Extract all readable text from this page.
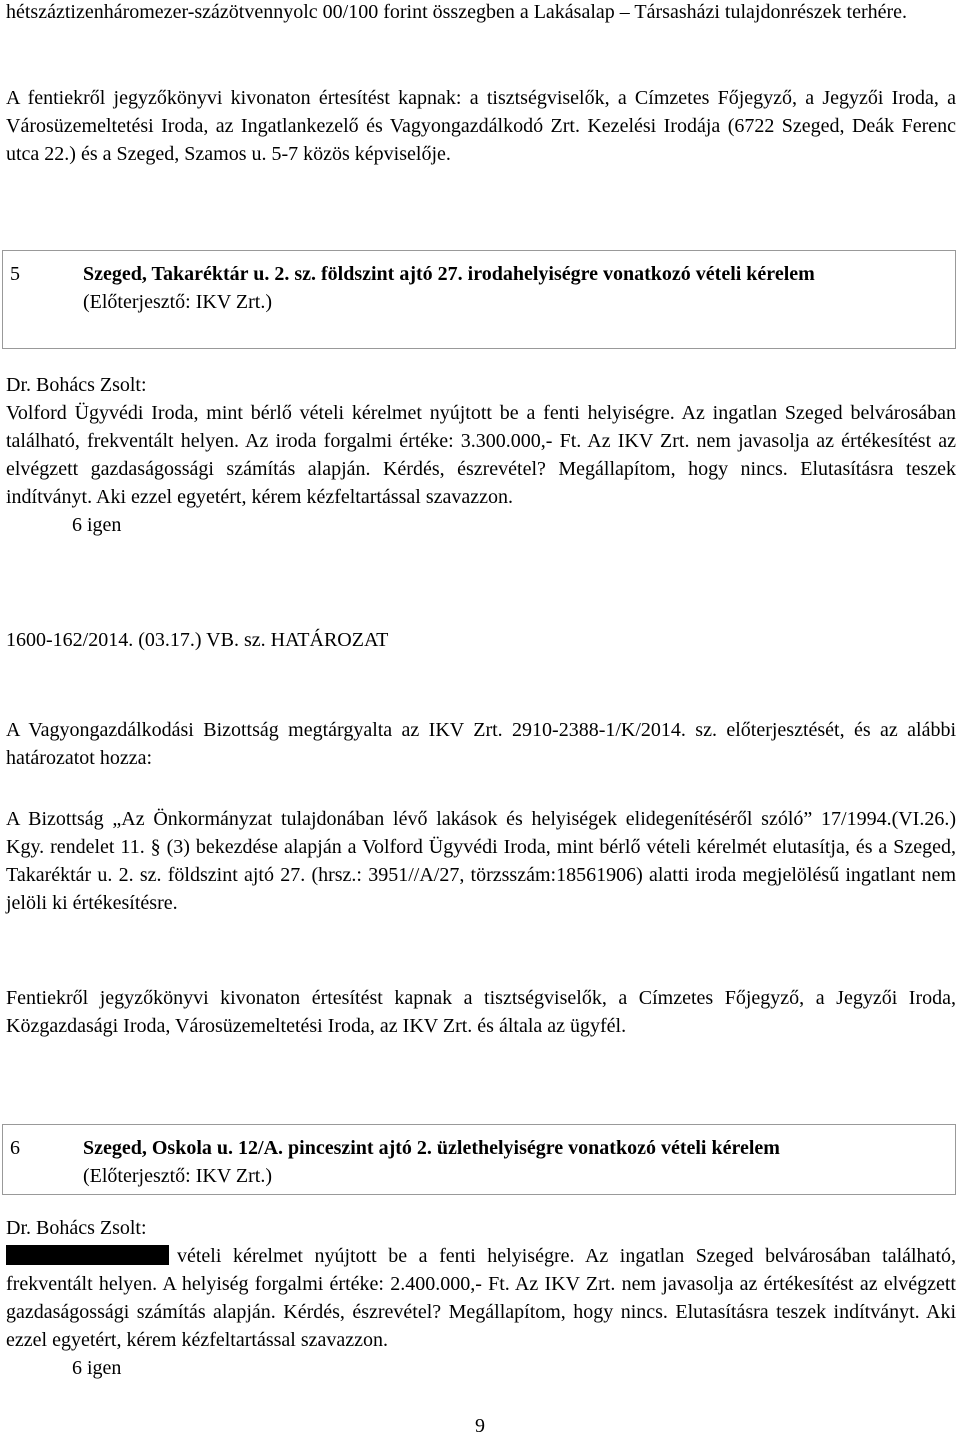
hétszáztizenháromezer-százötvennyolc 00/100 forint összegben a Lakásalap – Társasházi tulajdonrészek terhére.

A fentiekről jegyzőkönyvi kivonaton értesítést kapnak: a tisztségviselők, a Címzetes Főjegyző, a Jegyzői Iroda, a Városüzemeltetési Iroda, az Ingatlankezelő és Vagyongazdálkodó Zrt. Kezelési Irodája (6722 Szeged, Deák Ferenc utca 22.) és a Szeged, Szamos u. 5-7 közös képviselője.

5	Szeged, Takaréktár u. 2. sz. földszint ajtó 27. irodahelyiségre vonatkozó vételi kérelem
(Előterjesztő: IKV Zrt.)

Dr. Bohács Zsolt:

Volford Ügyvédi Iroda, mint bérlő vételi kérelmet nyújtott be a fenti helyiségre. Az ingatlan Szeged belvárosában található, frekventált helyen. Az iroda forgalmi értéke: 3.300.000,- Ft. Az IKV Zrt. nem javasolja az értékesítést az elvégzett gazdaságossági számítás alapján. Kérdés, észrevétel? Megállapítom, hogy nincs. Elutasításra teszek indítványt. Aki ezzel egyetért, kérem kézfeltartással szavazzon.

6 igen

1600-162/2014. (03.17.) VB. sz. HATÁROZAT

A Vagyongazdálkodási Bizottság megtárgyalta az IKV Zrt. 2910-2388-1/K/2014. sz. előterjesztését, és az alábbi határozatot hozza:

A Bizottság „Az Önkormányzat tulajdonában lévő lakások és helyiségek elidegenítéséről szóló” 17/1994.(VI.26.) Kgy. rendelet 11. § (3) bekezdése alapján a Volford Ügyvédi Iroda, mint bérlő vételi kérelmét elutasítja, és a Szeged, Takaréktár u. 2. sz. földszint ajtó 27. (hrsz.: 3951//A/27, törzsszám:18561906) alatti iroda megjelölésű ingatlant nem jelöli ki értékesítésre.

Fentiekről jegyzőkönyvi kivonaton értesítést kapnak a tisztségviselők, a Címzetes Főjegyző, a Jegyzői Iroda, Közgazdasági Iroda, Városüzemeltetési Iroda, az IKV Zrt. és általa az ügyfél.

6	Szeged, Oskola u. 12/A. pinceszint ajtó 2. üzlethelyiségre vonatkozó vételi kérelem
(Előterjesztő: IKV Zrt.)

Dr. Bohács Zsolt:

vételi kérelmet nyújtott be a fenti helyiségre. Az ingatlan Szeged belvárosában található, frekventált helyen. A helyiség forgalmi értéke: 2.400.000,- Ft. Az IKV Zrt. nem javasolja az értékesítést az elvégzett gazdaságossági számítás alapján. Kérdés, észrevétel? Megállapítom, hogy nincs. Elutasításra teszek indítványt. Aki ezzel egyetért, kérem kézfeltartással szavazzon.

6 igen

9
